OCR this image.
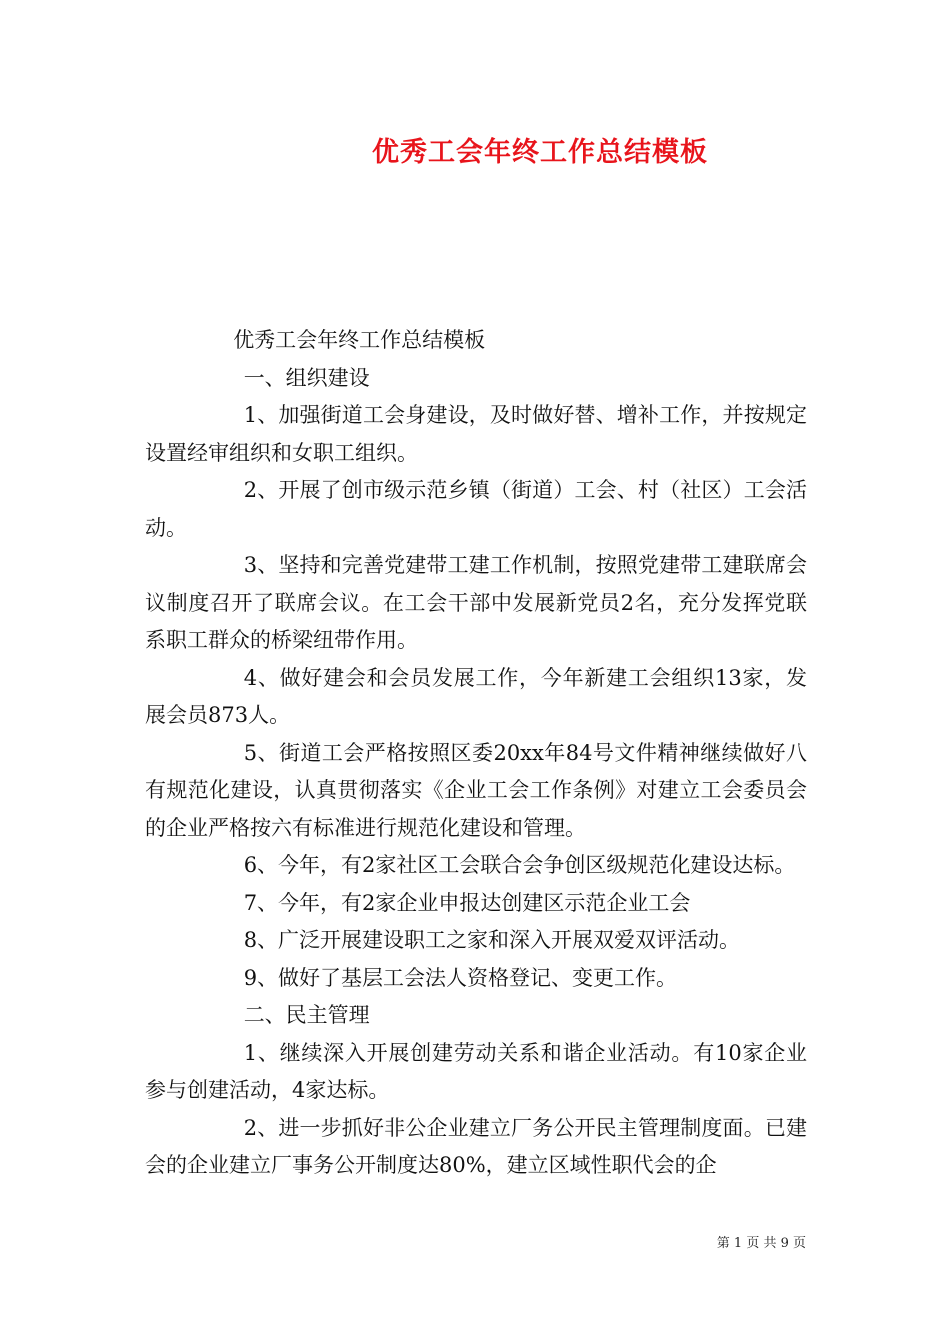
优秀工会年终工作总结模板

优秀工会年终工作总结模板

一、组织建设

1、加强街道工会身建设，及时做好替、增补工作，并按规定设置经审组织和女职工组织。

2、开展了创市级示范乡镇（街道）工会、村（社区）工会活动。

3、坚持和完善党建带工建工作机制，按照党建带工建联席会议制度召开了联席会议。在工会干部中发展新党员2名，充分发挥党联系职工群众的桥梁纽带作用。

4、做好建会和会员发展工作，今年新建工会组织13家，发展会员873人。

5、街道工会严格按照区委20xx年84号文件精神继续做好八有规范化建设，认真贯彻落实《企业工会工作条例》对建立工会委员会的企业严格按六有标准进行规范化建设和管理。

6、今年，有2家社区工会联合会争创区级规范化建设达标。

7、今年，有2家企业申报达创建区示范企业工会

8、广泛开展建设职工之家和深入开展双爱双评活动。

9、做好了基层工会法人资格登记、变更工作。

二、民主管理

1、继续深入开展创建劳动关系和谐企业活动。有10家企业参与创建活动，4家达标。

2、进一步抓好非公企业建立厂务公开民主管理制度面。已建会的企业建立厂事务公开制度达80%，建立区域性职代会的企

第 1 页 共 9 页
